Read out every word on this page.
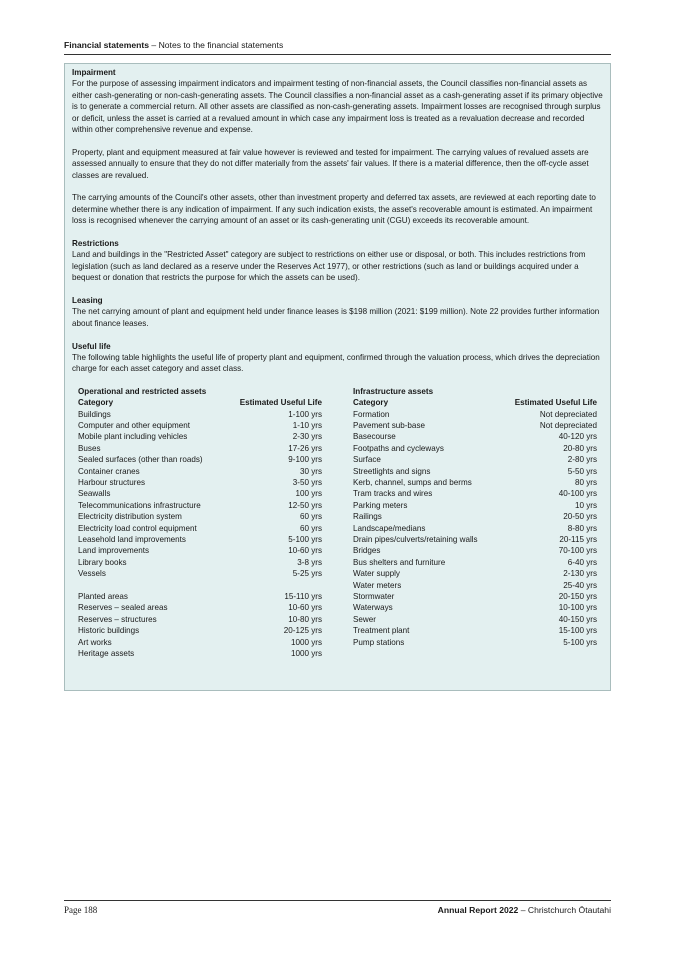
Financial statements – Notes to the financial statements
Impairment

For the purpose of assessing impairment indicators and impairment testing of non-financial assets, the Council classifies non-financial assets as either cash-generating or non-cash-generating assets. The Council classifies a non-financial asset as a cash-generating asset if its primary objective is to generate a commercial return. All other assets are classified as non-cash-generating assets. Impairment losses are recognised through surplus or deficit, unless the asset is carried at a revalued amount in which case any impairment loss is treated as a revaluation decrease and recorded within other comprehensive revenue and expense.

Property, plant and equipment measured at fair value however is reviewed and tested for impairment. The carrying values of revalued assets are assessed annually to ensure that they do not differ materially from the assets' fair values. If there is a material difference, then the off-cycle asset classes are revalued.

The carrying amounts of the Council's other assets, other than investment property and deferred tax assets, are reviewed at each reporting date to determine whether there is any indication of impairment. If any such indication exists, the asset's recoverable amount is estimated. An impairment loss is recognised whenever the carrying amount of an asset or its cash-generating unit (CGU) exceeds its recoverable amount.

Restrictions

Land and buildings in the "Restricted Asset" category are subject to restrictions on either use or disposal, or both. This includes restrictions from legislation (such as land declared as a reserve under the Reserves Act 1977), or other restrictions (such as land or buildings acquired under a bequest or donation that restricts the purpose for which the assets can be used).

Leasing

The net carrying amount of plant and equipment held under finance leases is $198 million (2021: $199 million). Note 22 provides further information about finance leases.

Useful life

The following table highlights the useful life of property plant and equipment, confirmed through the valuation process, which drives the depreciation charge for each asset category and asset class.

Operational and restricted assets
Category	Estimated Useful Life
Buildings	1-100 yrs
Computer and other equipment	1-10 yrs
Mobile plant including vehicles	2-30 yrs
Buses	17-26 yrs
Sealed surfaces (other than roads)	9-100 yrs
Container cranes	30 yrs
Harbour structures	3-50 yrs
Seawalls	100 yrs
Telecommunications infrastructure	12-50 yrs
Electricity distribution system	60 yrs
Electricity load control equipment	60 yrs
Leasehold land improvements	5-100 yrs
Land improvements	10-60 yrs
Library books	3-8 yrs
Vessels	5-25 yrs
Planted areas	15-110 yrs
Reserves – sealed areas	10-60 yrs
Reserves – structures	10-80 yrs
Historic buildings	20-125 yrs
Art works	1000 yrs
Heritage assets	1000 yrs
Infrastructure assets
Category	Estimated Useful Life
Formation	Not depreciated
Pavement sub-base	Not depreciated
Basecourse	40-120 yrs
Footpaths and cycleways	20-80 yrs
Surface	2-80 yrs
Streetlights and signs	5-50 yrs
Kerb, channel, sumps and berms	80 yrs
Tram tracks and wires	40-100 yrs
Parking meters	10 yrs
Railings	20-50 yrs
Landscape/medians	8-80 yrs
Drain pipes/culverts/retaining walls	20-115 yrs
Bridges	70-100 yrs
Bus shelters and furniture	6-40 yrs
Water supply	2-130 yrs
Water meters	25-40 yrs
Stormwater	20-150 yrs
Waterways	10-100 yrs
Sewer	40-150 yrs
Treatment plant	15-100 yrs
Pump stations	5-100 yrs
Page 188	Annual Report 2022 – Christchurch Ōtautahi
